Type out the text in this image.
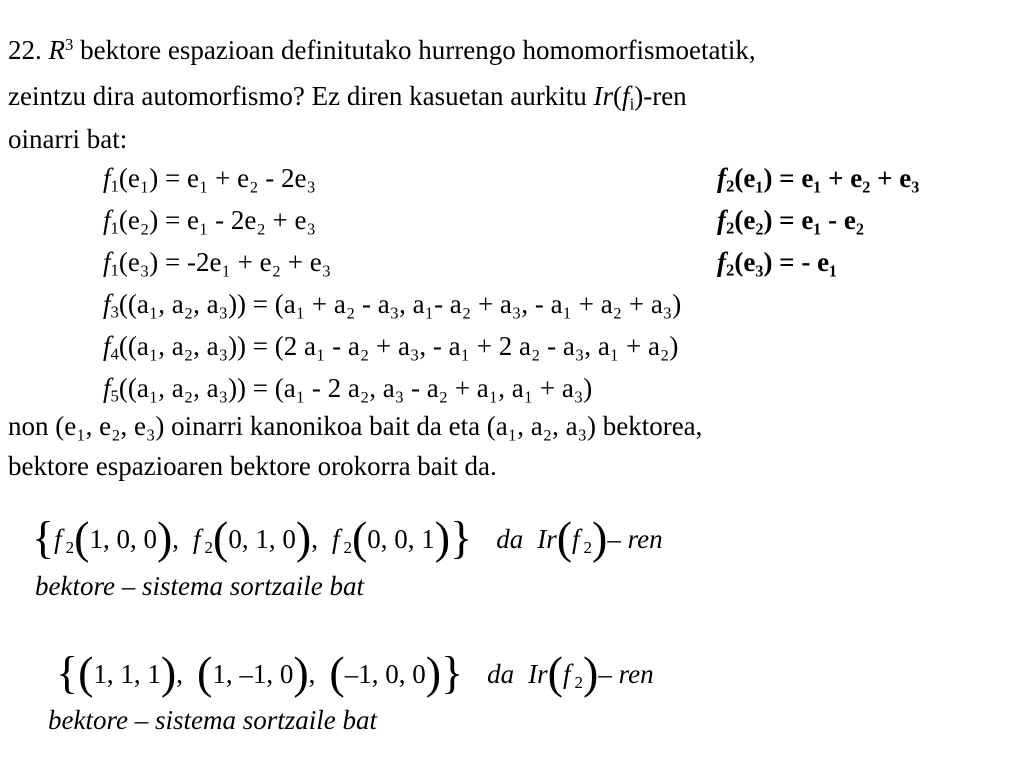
22. $R^3$ bektore espazioan definitutako hurrengo homomorfismoetatik,
zeintzu dira automorfismo? Ez diren kasuetan aurkitu $Ir(f_i)$-ren
oinarri bat:
$f_1(e_1) = e_1 + e_2 - 2e_3$
$f_1(e_2) = e_1 - 2e_2 + e_3$
$f_1(e_3) = -2e_1 + e_2 + e_3$
$f_2(e_1) = e_1 + e_2 + e_3$
$f_2(e_2) = e_1 - e_2$
$f_2(e_3)$ = - e₁
$f_3((a_1$, a₂, a₃)) = (a₁ + a₂ - a₃, a₁- a₂ + a₃, - a₁ + a₂ + a₃)
$f_4((a_1$, a₂, a₃)) = (2 a₁ - a₂ + a₃, - a₁ + 2 a₂ - a₃, a₁ + a₂)
$f_5((a_1$, a₂, a₃)) = (a₁ - 2 a₂, a₃ - a₂ + a₁, a₁ + a₃)
non (e₁, e₂, e₃) oinarri kanonikoa bait da eta (a₁, a₂, a₃) bektorea,
bektore espazioaren bektore orokorra bait da.
{f 2(1, 0, 0), f 2(0, 1, 0), f 2(0, 0, 1)} da Ir(f 2)– ren
bektore – sistema sortzaile bat
{(1, 1, 1), (1, –1, 0), (–1, 0, 0)} da Ir(f 2)– ren
bektore – sistema sortzaile bat
